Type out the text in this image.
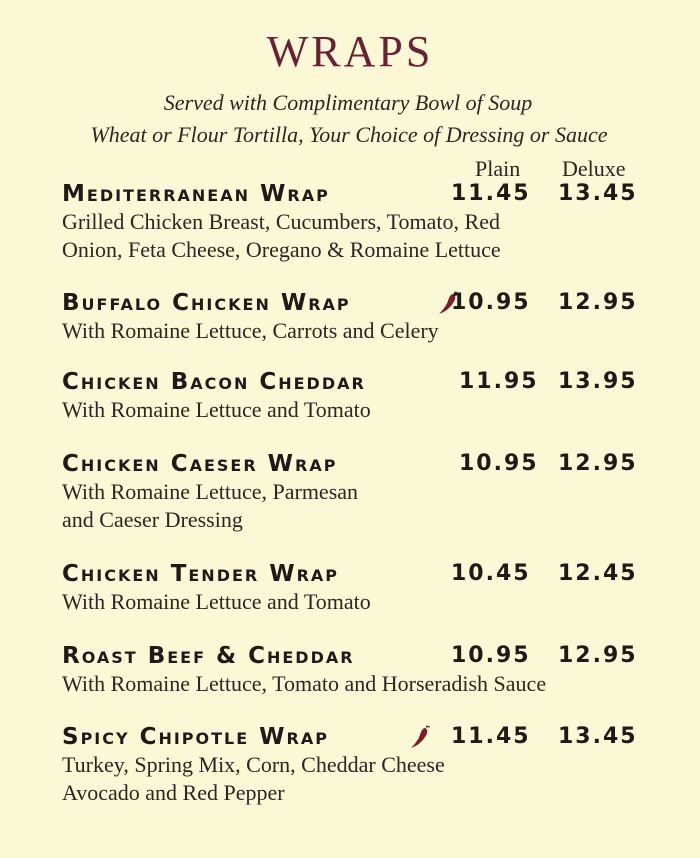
WRAPS
Served with Complimentary Bowl of Soup
Wheat or Flour Tortilla, Your Choice of Dressing or Sauce
Plain Deluxe
Mediterranean Wrap	11.45 13.45
Grilled Chicken Breast, Cucumbers, Tomato, Red
Onion, Feta Cheese, Oregano & Romaine Lettuce
Buffalo Chicken Wrap	10.95 12.95
With Romaine Lettuce, Carrots and Celery
Chicken Bacon Cheddar	11.95 13.95
With Romaine Lettuce and Tomato
Chicken Caeser Wrap	10.95 12.95
With Romaine Lettuce, Parmesan
and Caeser Dressing
Chicken Tender Wrap	10.45 12.45
With Romaine Lettuce and Tomato
Roast Beef & Cheddar	10.95 12.95
With Romaine Lettuce, Tomato and Horseradish Sauce
Spicy Chipotle Wrap	11.45 13.45
Turkey, Spring Mix, Corn, Cheddar Cheese
Avocado and Red Pepper
